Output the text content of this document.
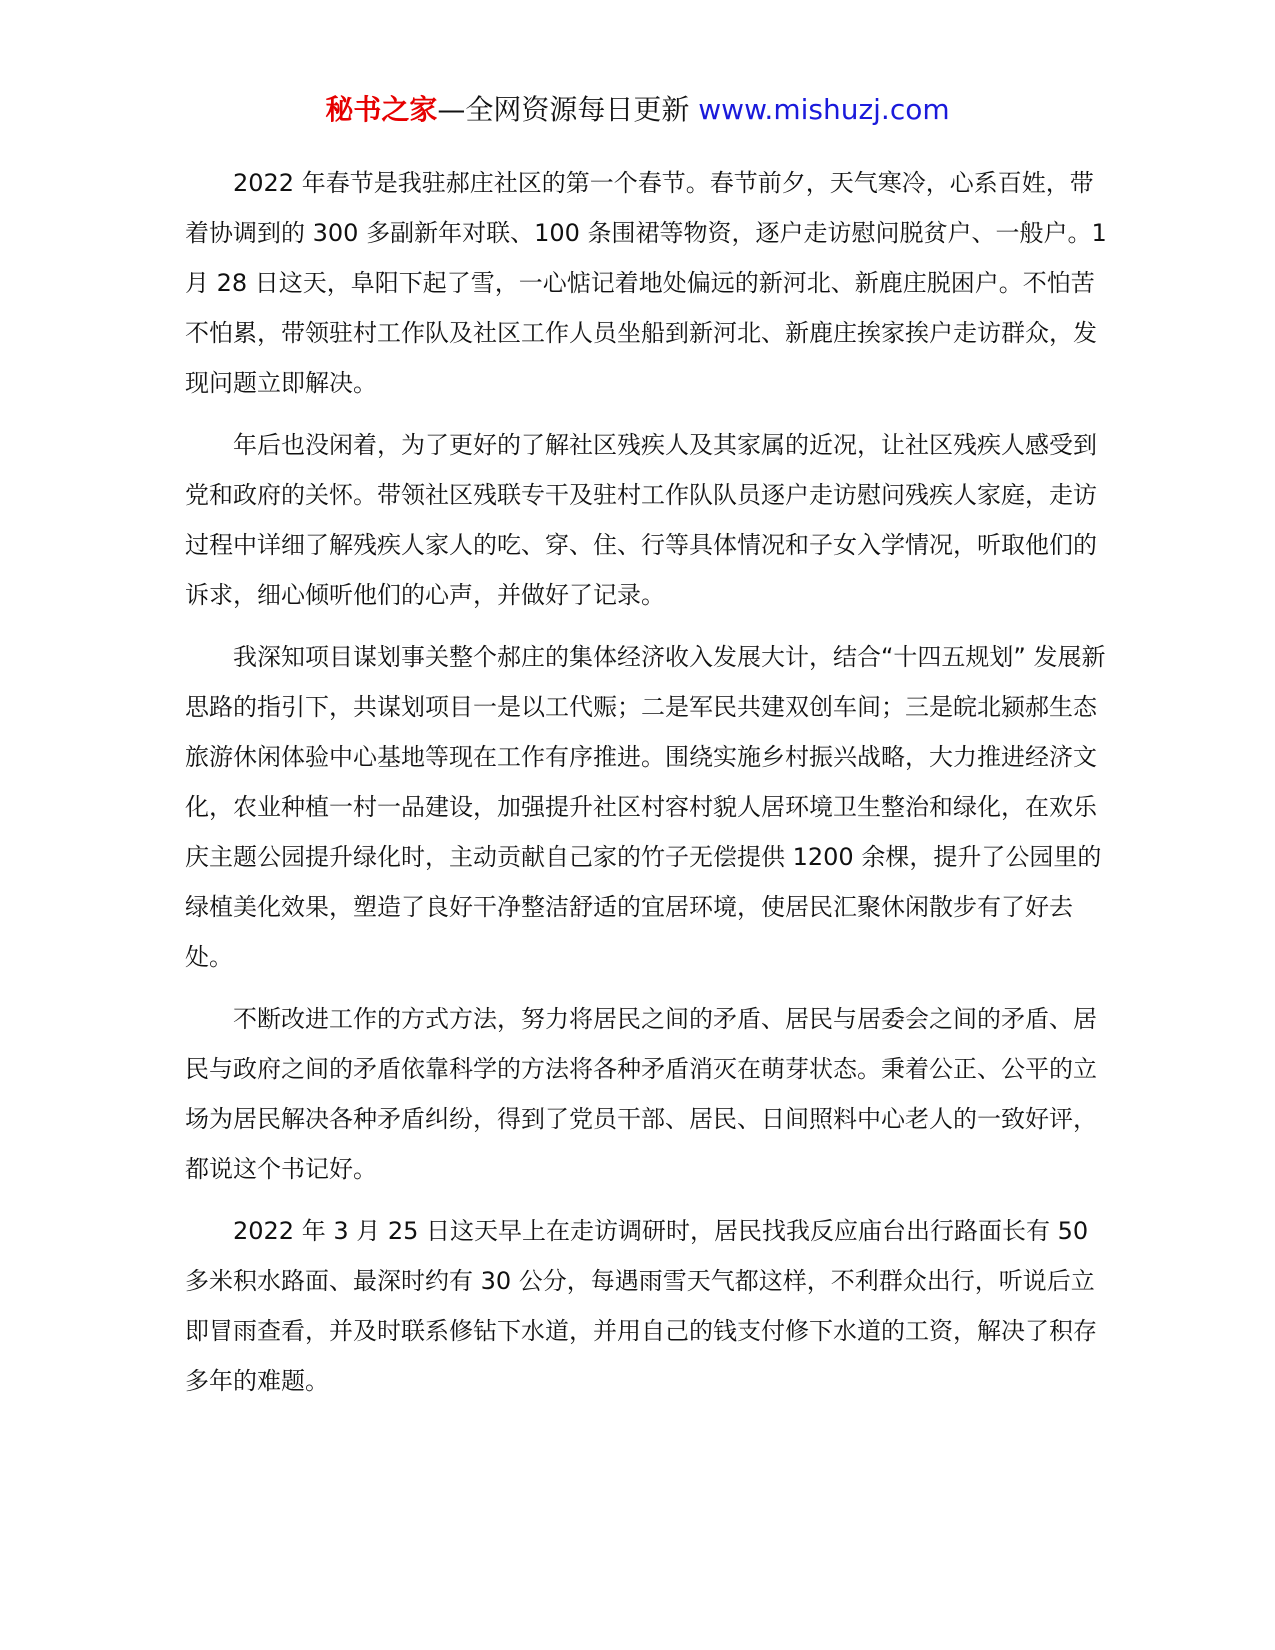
秘书之家—全网资源每日更新 www.mishuzj.com

2022 年春节是我驻郝庄社区的第一个春节。春节前夕，天气寒冷，心系百姓，带着协调到的 300 多副新年对联、100 条围裙等物资，逐户走访慰问脱贫户、一般户。1 月 28 日这天，阜阳下起了雪，一心惦记着地处偏远的新河北、新鹿庄脱困户。不怕苦不怕累，带领驻村工作队及社区工作人员坐船到新河北、新鹿庄挨家挨户走访群众，发现问题立即解决。

年后也没闲着，为了更好的了解社区残疾人及其家属的近况，让社区残疾人感受到党和政府的关怀。带领社区残联专干及驻村工作队队员逐户走访慰问残疾人家庭，走访过程中详细了解残疾人家人的吃、穿、住、行等具体情况和子女入学情况，听取他们的诉求，细心倾听他们的心声，并做好了记录。

我深知项目谋划事关整个郝庄的集体经济收入发展大计，结合“十四五规划” 发展新思路的指引下，共谋划项目一是以工代赈；二是军民共建双创车间；三是皖北颍郝生态旅游休闲体验中心基地等现在工作有序推进。围绕实施乡村振兴战略，大力推进经济文化，农业种植一村一品建设，加强提升社区村容村貌人居环境卫生整治和绿化，在欢乐庆主题公园提升绿化时，主动贡献自己家的竹子无偿提供 1200 余棵，提升了公园里的绿植美化效果，塑造了良好干净整洁舒适的宜居环境，使居民汇聚休闲散步有了好去处。

不断改进工作的方式方法，努力将居民之间的矛盾、居民与居委会之间的矛盾、居民与政府之间的矛盾依靠科学的方法将各种矛盾消灭在萌芽状态。秉着公正、公平的立场为居民解决各种矛盾纠纷，得到了党员干部、居民、日间照料中心老人的一致好评，都说这个书记好。

2022 年 3 月 25 日这天早上在走访调研时，居民找我反应庙台出行路面长有 50 多米积水路面、最深时约有 30 公分，每遇雨雪天气都这样，不利群众出行，听说后立即冒雨查看，并及时联系修钻下水道，并用自己的钱支付修下水道的工资，解决了积存多年的难题。
